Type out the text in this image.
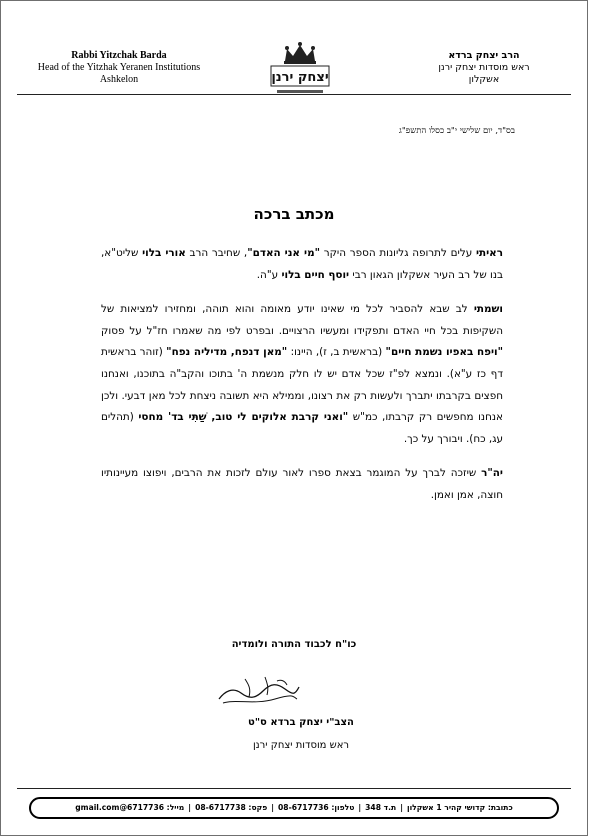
Rabbi Yitzchak Barda
Head of the Yitzhak Yeranen Institutions
Ashkelon	יצחק ירנן
הרב יצחק ברדא
ראש מוסדות יצחק ירנן
אשקלון
בס"ד, יום שלישי י"ב כסלו התשפ"ג
מכתב ברכה

ראיתי עלים לתרופה גליונות הספר היקר "מי אני האדם", שחיבר הרב אורי בלוי שליט"א, בנו של רב העיר אשקלון הגאון רבי יוסף חיים בלוי ע"ה.

ושמתי לב שבא להסביר לכל מי שאינו יודע מאומה והוא תוהה, ומחזירו למציאות של השקיפות בכל חיי האדם ותפקידו ומעשיו הרצויים. ובפרט לפי מה שאמרו חז"ל על פסוק "ויפח באפיו נשמת חיים" (בראשית ב, ז), היינו: "מאן דנפח, מדיליה נפח" (זוהר בראשית דף כז ע"א). ונמצא לפ"ז שכל אדם יש לו חלק מנשמת ה' בתוכו והקב"ה בתוכנו, ואנחנו חפצים בקרבתו יתברך ולעשות רק את רצונו, וממילא היא תשובה ניצחת לכל מאן דבעי. ולכן אנחנו מחפשים רק קרבתו, כמ"ש "ואני קרבת אלוקים לי טוב, שַׁתִּי בד' מחסי (תהלים עג, כח). ויבורך על כך.

יה"ר שיזכה לברך על המוגמר בצאת ספרו לאור עולם לזכות את הרבים, ויפוצו מעיינותיו חוצה, אמן ואמן.

כו"ח לכבוד התורה ולומדיה
הצב"י יצחק ברדא ס"ט
ראש מוסדות יצחק ירנן
כתובת: קדושי קהיר 1 אשקלון|ת.ד 348|טלפון: 08-6717736|פקס: 08-6717738|מייל: 6717736@gmail.com
